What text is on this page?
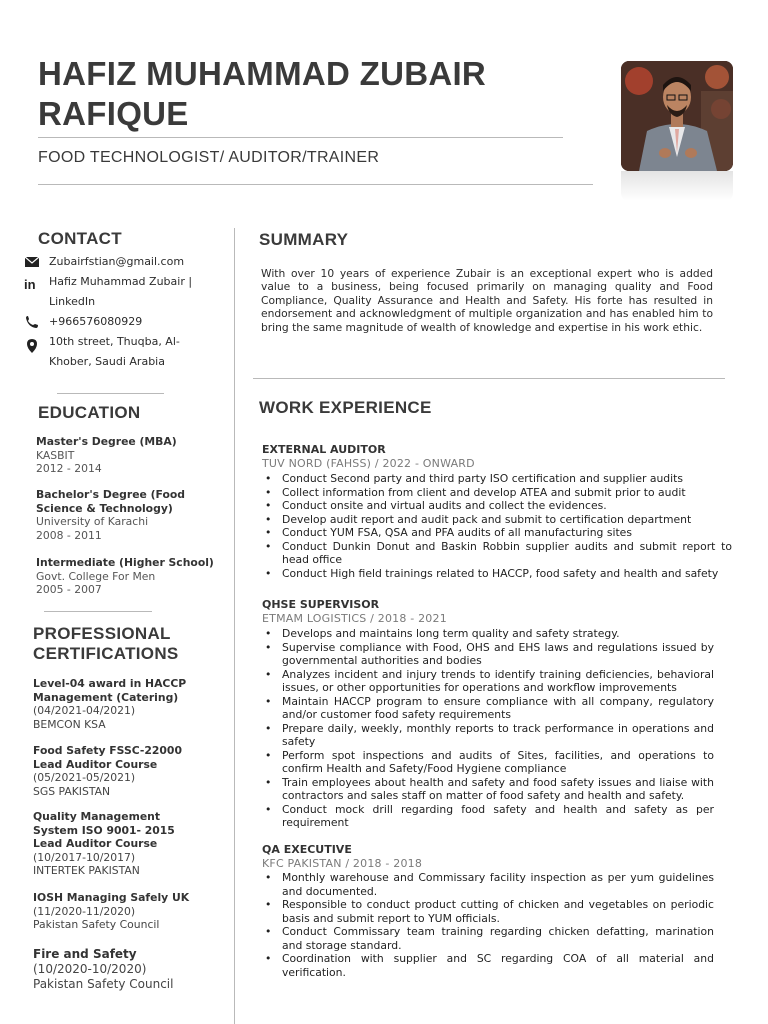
HAFIZ MUHAMMAD ZUBAIR RAFIQUE
FOOD TECHNOLOGIST/ AUDITOR/TRAINER
CONTACT
Zubairfstian@gmail.com
in Hafiz Muhammad Zubair | LinkedIn
+966576080929
10th street, Thuqba, Al-Khober, Saudi Arabia
EDUCATION
Master's Degree (MBA)
KASBIT
2012 - 2014
Bachelor's Degree (Food Science & Technology)
University of Karachi
2008 - 2011
Intermediate (Higher School)
Govt. College For Men
2005 - 2007
PROFESSIONAL CERTIFICATIONS
Level-04 award in HACCP Management (Catering)
(04/2021-04/2021)
BEMCON KSA
Food Safety FSSC-22000 Lead Auditor Course
(05/2021-05/2021)
SGS PAKISTAN
Quality Management System ISO 9001- 2015 Lead Auditor Course
(10/2017-10/2017)
INTERTEK PAKISTAN
IOSH Managing Safely UK
(11/2020-11/2020)
Pakistan Safety Council
Fire and Safety
(10/2020-10/2020)
Pakistan Safety Council
SUMMARY
With over 10 years of experience Zubair is an exceptional expert who is added value to a business, being focused primarily on managing quality and Food Compliance, Quality Assurance and Health and Safety. His forte has resulted in endorsement and acknowledgment of multiple organization and has enabled him to bring the same magnitude of wealth of knowledge and expertise in his work ethic.
WORK EXPERIENCE
EXTERNAL AUDITOR
TUV NORD (FAHSS) / 2022 - ONWARD
• Conduct Second party and third party ISO certification and supplier audits
• Collect information from client and develop ATEA and submit prior to audit
• Conduct onsite and virtual audits and collect the evidences.
• Develop audit report and audit pack and submit to certification department
• Conduct YUM FSA, QSA and PFA audits of all manufacturing sites
• Conduct Dunkin Donut and Baskin Robbin supplier audits and submit report to head office
• Conduct High field trainings related to HACCP, food safety and health and safety
QHSE SUPERVISOR
ETMAM LOGISTICS / 2018 - 2021
• Develops and maintains long term quality and safety strategy.
• Supervise compliance with Food, OHS and EHS laws and regulations issued by governmental authorities and bodies
• Analyzes incident and injury trends to identify training deficiencies, behavioral issues, or other opportunities for operations and workflow improvements
• Maintain HACCP program to ensure compliance with all company, regulatory and/or customer food safety requirements
• Prepare daily, weekly, monthly reports to track performance in operations and safety
• Perform spot inspections and audits of Sites, facilities, and operations to confirm Health and Safety/Food Hygiene compliance
• Train employees about health and safety and food safety issues and liaise with contractors and sales staff on matter of food safety and health and safety.
• Conduct mock drill regarding food safety and health and safety as per requirement
QA EXECUTIVE
KFC PAKISTAN / 2018 - 2018
• Monthly warehouse and Commissary facility inspection as per yum guidelines and documented.
• Responsible to conduct product cutting of chicken and vegetables on periodic basis and submit report to YUM officials.
• Conduct Commissary team training regarding chicken defatting, marination and storage standard.
• Coordination with supplier and SC regarding COA of all material and verification.
